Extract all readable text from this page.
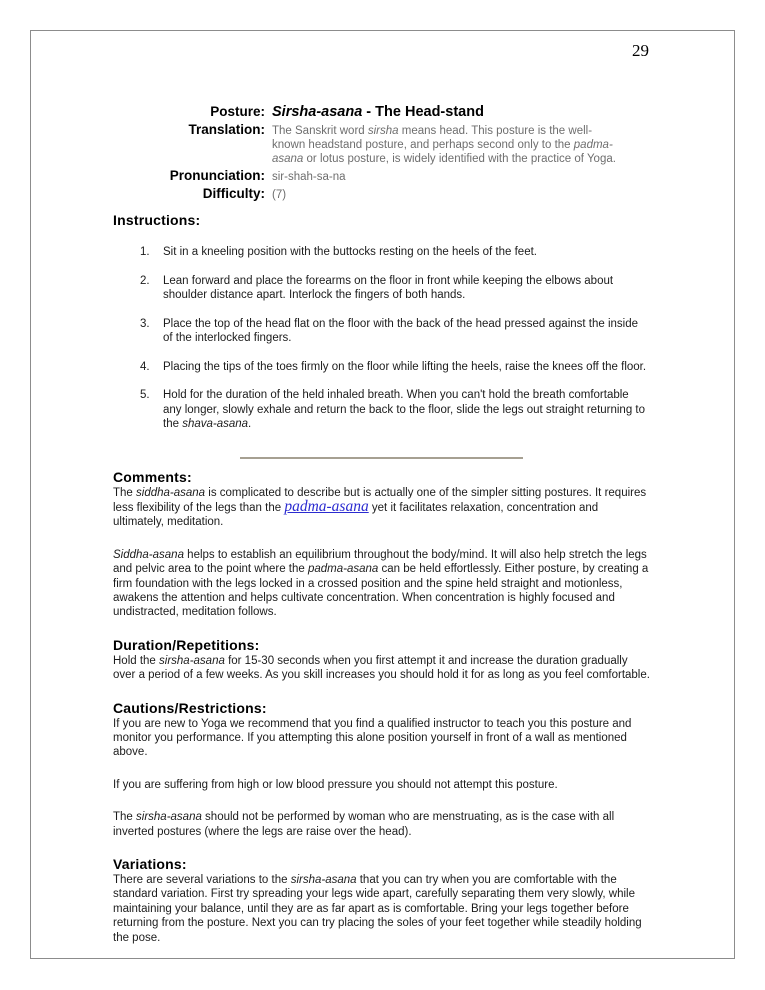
29
Posture: Sirsha-asana - The Head-stand
Translation: The Sanskrit word sirsha means head. This posture is the well-known headstand posture, and perhaps second only to the padma-asana or lotus posture, is widely identified with the practice of Yoga.
Pronunciation: sir-shah-sa-na
Difficulty: (7)
Instructions:
Sit in a kneeling position with the buttocks resting on the heels of the feet.
Lean forward and place the forearms on the floor in front while keeping the elbows about shoulder distance apart. Interlock the fingers of both hands.
Place the top of the head flat on the floor with the back of the head pressed against the inside of the interlocked fingers.
Placing the tips of the toes firmly on the floor while lifting the heels, raise the knees off the floor.
Hold for the duration of the held inhaled breath. When you can't hold the breath comfortable any longer, slowly exhale and return the back to the floor, slide the legs out straight returning to the shava-asana.
Comments:
The siddha-asana is complicated to describe but is actually one of the simpler sitting postures. It requires less flexibility of the legs than the padma-asana yet it facilitates relaxation, concentration and ultimately, meditation.
Siddha-asana helps to establish an equilibrium throughout the body/mind. It will also help stretch the legs and pelvic area to the point where the padma-asana can be held effortlessly. Either posture, by creating a firm foundation with the legs locked in a crossed position and the spine held straight and motionless, awakens the attention and helps cultivate concentration. When concentration is highly focused and undistracted, meditation follows.
Duration/Repetitions:
Hold the sirsha-asana for 15-30 seconds when you first attempt it and increase the duration gradually over a period of a few weeks. As you skill increases you should hold it for as long as you feel comfortable.
Cautions/Restrictions:
If you are new to Yoga we recommend that you find a qualified instructor to teach you this posture and monitor you performance. If you attempting this alone position yourself in front of a wall as mentioned above.
If you are suffering from high or low blood pressure you should not attempt this posture.
The sirsha-asana should not be performed by woman who are menstruating, as is the case with all inverted postures (where the legs are raise over the head).
Variations:
There are several variations to the sirsha-asana that you can try when you are comfortable with the standard variation. First try spreading your legs wide apart, carefully separating them very slowly, while maintaining your balance, until they are as far apart as is comfortable. Bring your legs together before returning from the posture. Next you can try placing the soles of your feet together while steadily holding the pose.
